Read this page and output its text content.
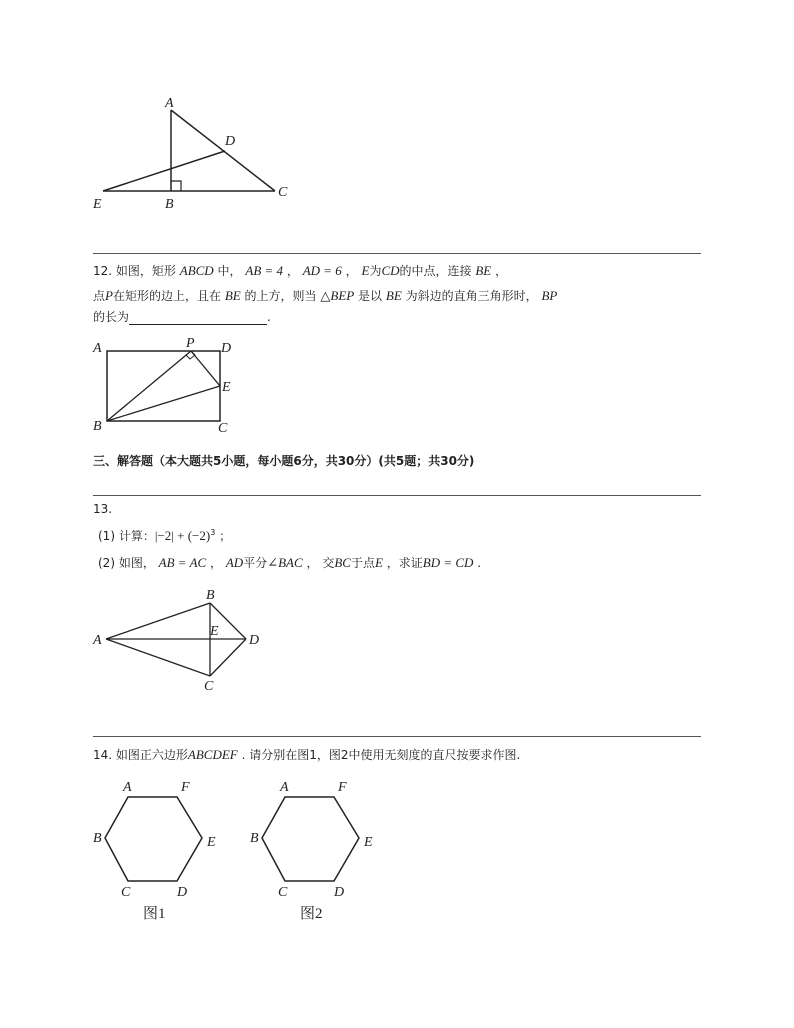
A
D
E	B
C
12. 如图，矩形 ABCD 中， AB = 4 ， AD = 6 ， E为CD的中点，连接 BE ，
点P在矩形的边上，且在 BE 的上方，则当 △BEP 是以 BE 为斜边的直角三角形时， BP
的长为	.
A	P D
E
B	C
三、解答题（本大题共5小题，每小题6分，共30分）(共5题；共30分)
13.
(1) 计算：$|-2| + (-2)^3$ ；
(2) 如图， AB = AC ， AD平分∠BAC ， 交BC于点E ，求证BD = CD .
A
B
E
D
C
14. 如图正六边形ABCDEF . 请分别在图1，图2中使用无刻度的直尺按要求作图.
A	F
B	E
C	D
图1
A	F
B	E
C	D
图2
